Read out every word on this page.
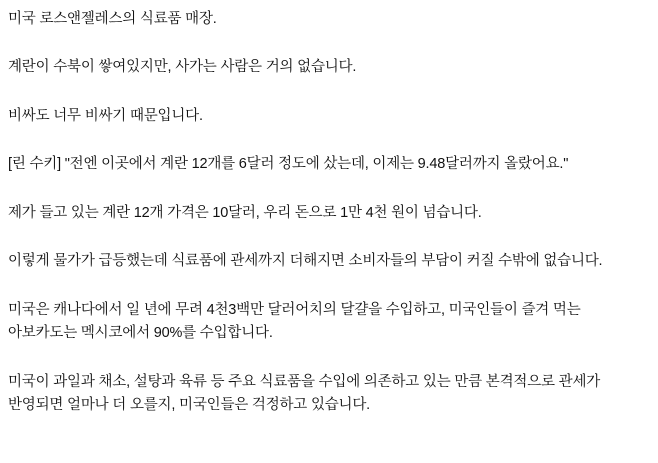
미국 로스앤젤레스의 식료품 매장.

계란이 수북이 쌓여있지만, 사가는 사람은 거의 없습니다.

비싸도 너무 비싸기 때문입니다.

[린 수키] "전엔 이곳에서 계란 12개를 6달러 정도에 샀는데, 이제는 9.48달러까지 올랐어요."

제가 들고 있는 계란 12개 가격은 10달러, 우리 돈으로 1만 4천 원이 넘습니다.

이렇게 물가가 급등했는데 식료품에 관세까지 더해지면 소비자들의 부담이 커질 수밖에 없습니다.

미국은 캐나다에서 일 년에 무려 4천3백만 달러어치의 달걀을 수입하고, 미국인들이 즐겨 먹는 아보카도는 멕시코에서 90%를 수입합니다.

미국이 과일과 채소, 설탕과 육류 등 주요 식료품을 수입에 의존하고 있는 만큼 본격적으로 관세가 반영되면 얼마나 더 오를지, 미국인들은 걱정하고 있습니다.
